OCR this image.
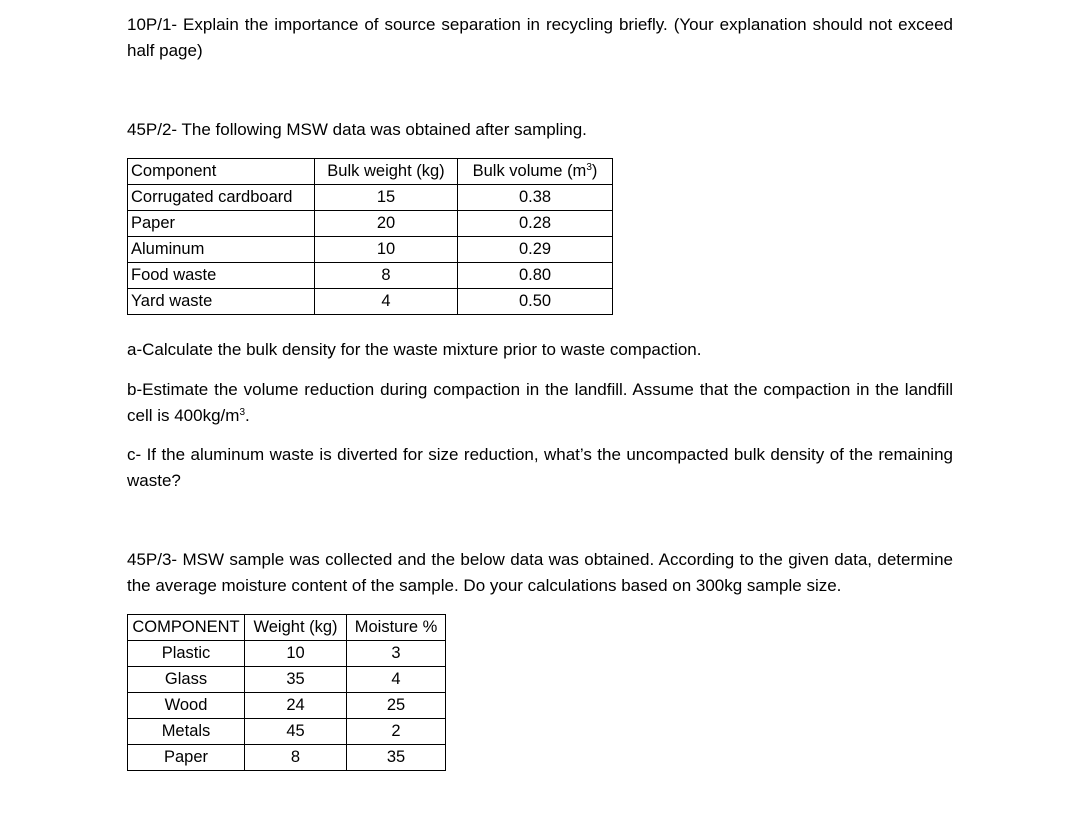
10P/1- Explain the importance of source separation in recycling briefly. (Your explanation should not exceed half page)

45P/2- The following MSW data was obtained after sampling.

Component	Bulk weight (kg)	Bulk volume $(m^3)$
Corrugated cardboard	15	0.38
Paper	20	0.28
Aluminum	10	0.29
Food waste	8	0.80
Yard waste	4	0.50

a-Calculate the bulk density for the waste mixture prior to waste compaction.

b-Estimate the volume reduction during compaction in the landfill. Assume that the compaction in the landfill cell is $400kg/m^3$.

c- If the aluminum waste is diverted for size reduction, what’s the uncompacted bulk density of the remaining waste?

45P/3- MSW sample was collected and the below data was obtained. According to the given data, determine the average moisture content of the sample. Do your calculations based on 300kg sample size.

COMPONENT	Weight (kg)	Moisture %
Plastic	10	3
Glass	35	4
Wood	24	25
Metals	45	2
Paper	8	35
